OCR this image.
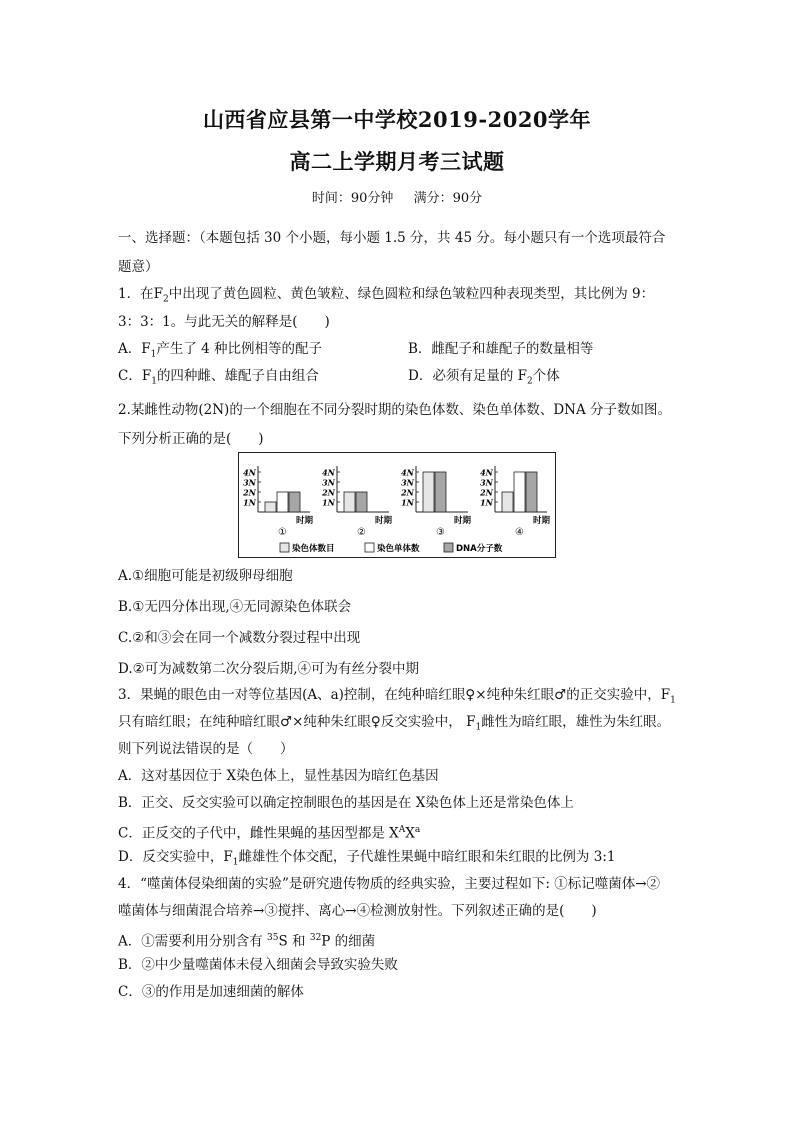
山西省应县第一中学校2019-2020学年
高二上学期月考三试题
时间：90分钟 满分：90分
一、选择题：（本题包括 30 个小题，每小题 1.5 分，共 45 分。每小题只有一个选项最符合
题意）
1．在$F_2$中出现了黄色圆粒、黄色皱粒、绿色圆粒和绿色皱粒四种表现类型，其比例为 9：
3：3：1。与此无关的解释是(　　)
A．$F_1$产生了 4 种比例相等的配子	B．雌配子和雄配子的数量相等
C．$F_1$的四种雌、雄配子自由组合	D．必须有足量的 $F_2$个体
2.某雌性动物(2N)的一个细胞在不同分裂时期的染色体数、染色单体数、DNA 分子数如图。
下列分析正确的是(　　)
4N
3N
2N
1N
时期
①
4N
3N
2N
1N
时期
②
4N
3N
2N
1N
时期
③
4N
3N
2N
1N
时期
④
染色体数目	染色单体数	DNA分子数
A.①细胞可能是初级卵母细胞
B.①无四分体出现,④无同源染色体联会
C.②和③会在同一个减数分裂过程中出现
D.②可为减数第二次分裂后期,④可为有丝分裂中期
3．果蝇的眼色由一对等位基因(A、a)控制，在纯种暗红眼♀×纯种朱红眼♂的正交实验中，$F_1$
只有暗红眼；在纯种暗红眼♂×纯种朱红眼♀反交实验中， $F_1$雌性为暗红眼，雄性为朱红眼。
则下列说法错误的是（　　）
A．这对基因位于 X染色体上，显性基因为暗红色基因
B．正交、反交实验可以确定控制眼色的基因是在 X染色体上还是常染色体上
C．正反交的子代中，雌性果蝇的基因型都是 $X^AX^a$
D．反交实验中，$F_1$雌雄性个体交配，子代雄性果蝇中暗红眼和朱红眼的比例为 3:1
4．“噬菌体侵染细菌的实验”是研究遗传物质的经典实验，主要过程如下: ①标记噬菌体→②
噬菌体与细菌混合培养→③搅拌、离心→④检测放射性。下列叙述正确的是(　　)
A．①需要利用分别含有 $^{35}$S 和 $^{32}$P 的细菌
B．②中少量噬菌体未侵入细菌会导致实验失败
C．③的作用是加速细菌的解体
